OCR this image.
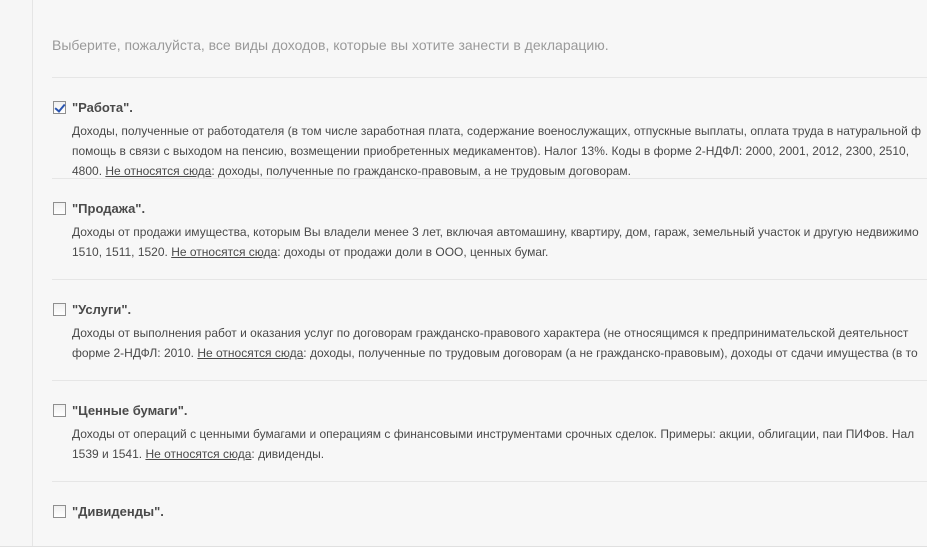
Выберите, пожалуйста, все виды доходов, которые вы хотите занести в декларацию.
"Работа".
Доходы, полученные от работодателя (в том числе заработная плата, содержание военослужащих, отпускные выплаты, оплата труда в натуральной ф
помощь в связи с выходом на пенсию, возмещении приобретенных медикаментов). Налог 13%. Коды в форме 2-НДФЛ: 2000, 2001, 2012, 2300, 2510,
4800. Не относятся сюда: доходы, полученные по гражданско-правовым, а не трудовым договорам.
"Продажа".
Доходы от продажи имущества, которым Вы владели менее 3 лет, включая автомашину, квартиру, дом, гараж, земельный участок и другую недвижимо
1510, 1511, 1520. Не относятся сюда: доходы от продажи доли в ООО, ценных бумаг.
"Услуги".
Доходы от выполнения работ и оказания услуг по договорам гражданско-правового характера (не относящимся к предпринимательской деятельност
форме 2-НДФЛ: 2010. Не относятся сюда: доходы, полученные по трудовым договорам (а не гражданско-правовым), доходы от сдачи имущества (в то
"Ценные бумаги".
Доходы от операций с ценными бумагами и операциям с финансовыми инструментами срочных сделок. Примеры: акции, облигации, паи ПИФов. Нал
1539 и 1541. Не относятся сюда: дивиденды.
"Дивиденды".
